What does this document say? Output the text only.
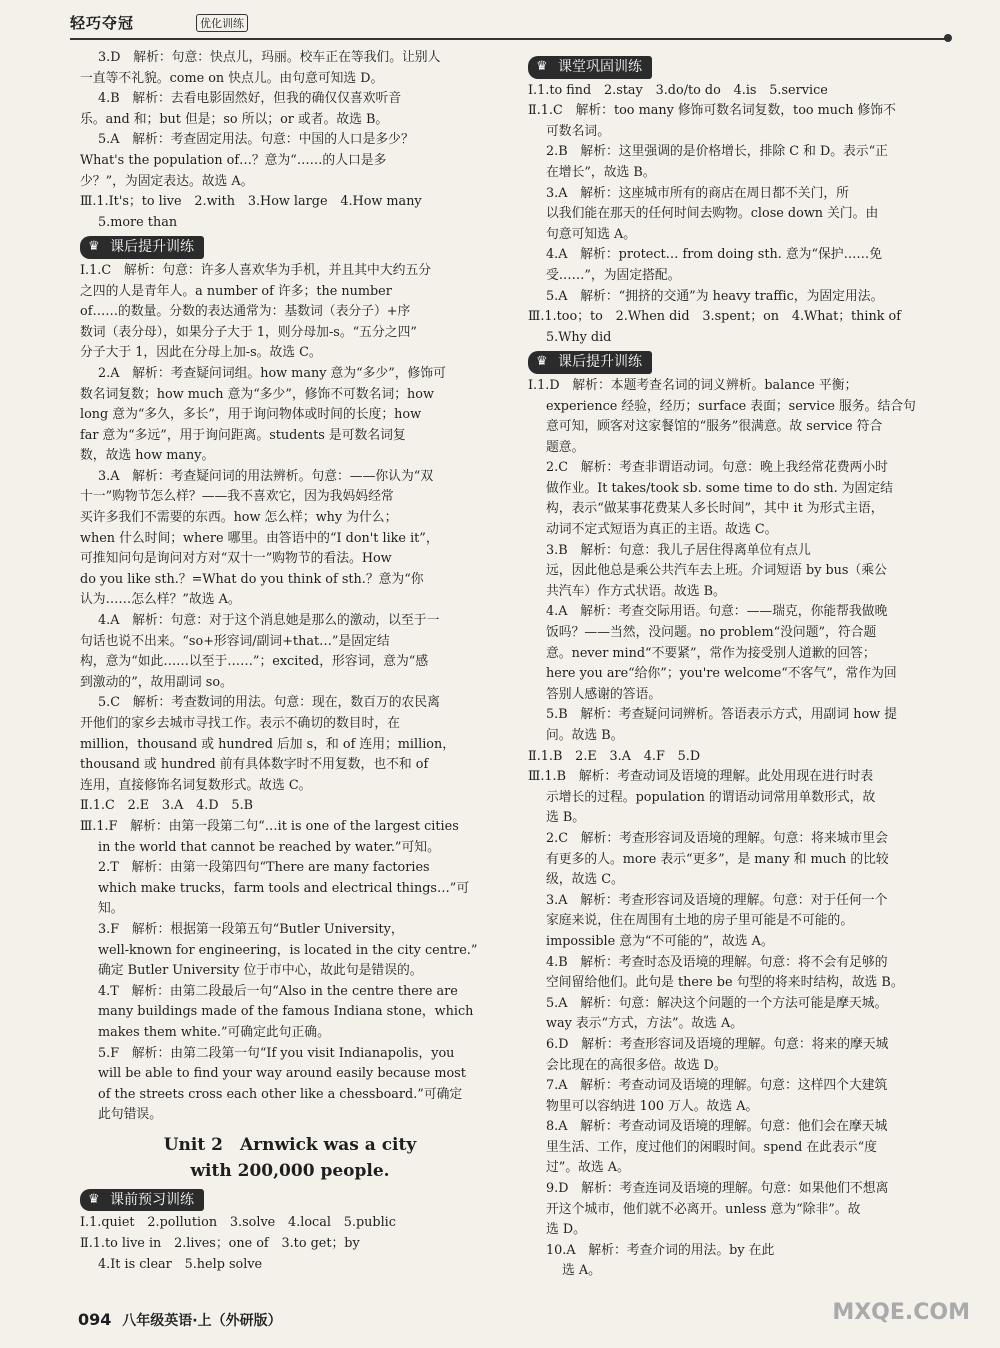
轻巧夺冠	优化训练
3.D　解析：句意：快点儿，玛丽。校车正在等我们。让别人
一直等不礼貌。come on 快点儿。由句意可知选 D。
4.B　解析：去看电影固然好，但我的确仅仅喜欢听音
乐。and 和；but 但是；so 所以；or 或者。故选 B。
5.A　解析：考查固定用法。句意：中国的人口是多少？
What's the population of…？意为“……的人口是多
少？”，为固定表达。故选 A。
Ⅲ.1.It's；to live　2.with　3.How large　4.How many
5.more than
♛ 课后提升训练
Ⅰ.1.C　解析：句意：许多人喜欢华为手机，并且其中大约五分
之四的人是青年人。a number of 许多；the number
of……的数量。分数的表达通常为：基数词（表分子）+序
数词（表分母），如果分子大于 1，则分母加-s。“五分之四”
分子大于 1，因此在分母上加-s。故选 C。
2.A　解析：考查疑问词组。how many 意为“多少”，修饰可
数名词复数；how much 意为“多少”，修饰不可数名词；how
long 意为“多久，多长”，用于询问物体或时间的长度；how
far 意为“多远”，用于询问距离。students 是可数名词复
数，故选 how many。
3.A　解析：考查疑问词的用法辨析。句意：——你认为“双
十一”购物节怎么样？——我不喜欢它，因为我妈妈经常
买许多我们不需要的东西。how 怎么样；why 为什么；
when 什么时间；where 哪里。由答语中的“I don't like it”，
可推知问句是询问对方对“双十一”购物节的看法。How
do you like sth.？=What do you think of sth.？意为“你
认为……怎么样？”故选 A。
4.A　解析：句意：对于这个消息她是那么的激动，以至于一
句话也说不出来。“so+形容词/副词+that…”是固定结
构，意为“如此……以至于……”；excited，形容词，意为“感
到激动的”，故用副词 so。
5.C　解析：考查数词的用法。句意：现在，数百万的农民离
开他们的家乡去城市寻找工作。表示不确切的数目时，在
million，thousand 或 hundred 后加 s，和 of 连用；million，
thousand 或 hundred 前有具体数字时不用复数，也不和 of
连用，直接修饰名词复数形式。故选 C。
Ⅱ.1.C　2.E　3.A　4.D　5.B
Ⅲ.1.F　解析：由第一段第二句“…it is one of the largest cities
in the world that cannot be reached by water.”可知。
2.T　解析：由第一段第四句“There are many factories
which make trucks，farm tools and electrical things…”可
知。
3.F　解析：根据第一段第五句“Butler University，
well-known for engineering，is located in the city centre.”
确定 Butler University 位于市中心，故此句是错误的。
4.T　解析：由第二段最后一句“Also in the centre there are
many buildings made of the famous Indiana stone，which
makes them white.”可确定此句正确。
5.F　解析：由第二段第一句“If you visit Indianapolis，you
will be able to find your way around easily because most
of the streets cross each other like a chessboard.”可确定
此句错误。
Unit 2　Arnwick was a city
with 200,000 people.
♛ 课前预习训练
Ⅰ.1.quiet　2.pollution　3.solve　4.local　5.public
Ⅱ.1.to live in　2.lives；one of　3.to get；by
4.It is clear　5.help solve
♛ 课堂巩固训练
Ⅰ.1.to find　2.stay　3.do/to do　4.is　5.service
Ⅱ.1.C　解析：too many 修饰可数名词复数，too much 修饰不
可数名词。
2.B　解析：这里强调的是价格增长，排除 C 和 D。表示“正
在增长”，故选 B。
3.A　解析：这座城市所有的商店在周日都不关门，所
以我们能在那天的任何时间去购物。close down 关门。由
句意可知选 A。
4.A　解析：protect… from doing sth. 意为“保护……免
受……”，为固定搭配。
5.A　解析：“拥挤的交通”为 heavy traffic，为固定用法。
Ⅲ.1.too；to　2.When did　3.spent；on　4.What；think of
5.Why did
♛ 课后提升训练
Ⅰ.1.D　解析：本题考查名词的词义辨析。balance 平衡；
experience 经验，经历；surface 表面；service 服务。结合句
意可知，顾客对这家餐馆的“服务”很满意。故 service 符合
题意。
2.C　解析：考查非谓语动词。句意：晚上我经常花费两小时
做作业。It takes/took sb. some time to do sth. 为固定结
构，表示“做某事花费某人多长时间”，其中 it 为形式主语，
动词不定式短语为真正的主语。故选 C。
3.B　解析：句意：我儿子居住得离单位有点儿
远，因此他总是乘公共汽车去上班。介词短语 by bus（乘公
共汽车）作方式状语。故选 B。
4.A　解析：考查交际用语。句意：——瑞克，你能帮我做晚
饭吗？——当然，没问题。no problem“没问题”，符合题
意。never mind“不要紧”，常作为接受别人道歉的回答；
here you are“给你”；you're welcome“不客气”，常作为回
答别人感谢的答语。
5.B　解析：考查疑问词辨析。答语表示方式，用副词 how 提
问。故选 B。
Ⅱ.1.B　2.E　3.A　4.F　5.D
Ⅲ.1.B　解析：考查动词及语境的理解。此处用现在进行时表
示增长的过程。population 的谓语动词常用单数形式，故
选 B。
2.C　解析：考查形容词及语境的理解。句意：将来城市里会
有更多的人。more 表示“更多”，是 many 和 much 的比较
级，故选 C。
3.A　解析：考查形容词及语境的理解。句意：对于任何一个
家庭来说，住在周围有土地的房子里可能是不可能的。
impossible 意为“不可能的”，故选 A。
4.B　解析：考查时态及语境的理解。句意：将不会有足够的
空间留给他们。此句是 there be 句型的将来时结构，故选 B。
5.A　解析：句意：解决这个问题的一个方法可能是摩天城。
way 表示“方式，方法”。故选 A。
6.D　解析：考查形容词及语境的理解。句意：将来的摩天城
会比现在的高很多倍。故选 D。
7.A　解析：考查动词及语境的理解。句意：这样四个大建筑
物里可以容纳进 100 万人。故选 A。
8.A　解析：考查动词及语境的理解。句意：他们会在摩天城
里生活、工作，度过他们的闲暇时间。spend 在此表示“度
过”。故选 A。
9.D　解析：考查连词及语境的理解。句意：如果他们不想离
开这个城市，他们就不必离开。unless 意为“除非”。故
选 D。
10.A　解析：考查介词的用法。by 在此
选 A。
094 八年级英语·上（外研版）	MXQE.COM
